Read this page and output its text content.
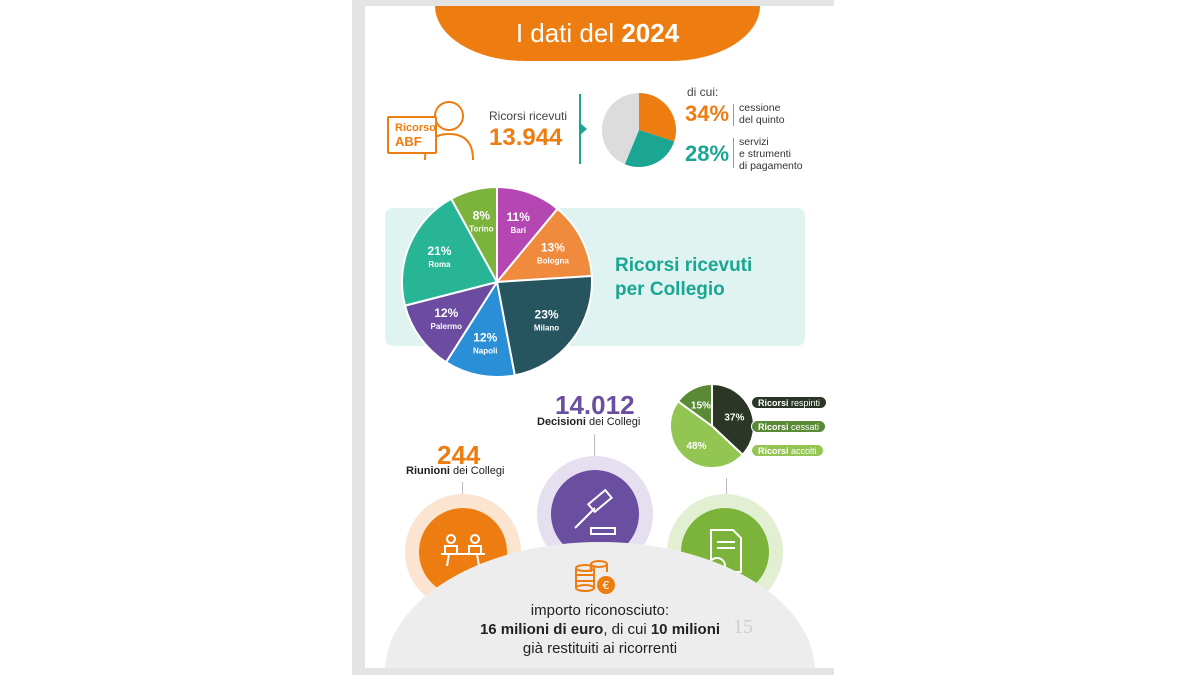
I dati del 2024
Ricorso
ABF
Ricorsi ricevuti
13.944
di cui:
34% cessione
del quinto
28% servizi
e strumenti
di pagamento
Ricorsi ricevuti
per Collegio
11%
Bari
13%
Bologna
23%
Milano
12%
Napoli
12%
Palermo
21%
Roma
8%
Torino
14.012
Decisioni dei Collegi
244
Riunioni dei Collegi
37%
48%
15%	Ricorsi respinti
Ricorsi cessati
Ricorsi accolti
€
importo riconosciuto:
16 milioni di euro, di cui 10 milioni
già restituiti ai ricorrenti
15
